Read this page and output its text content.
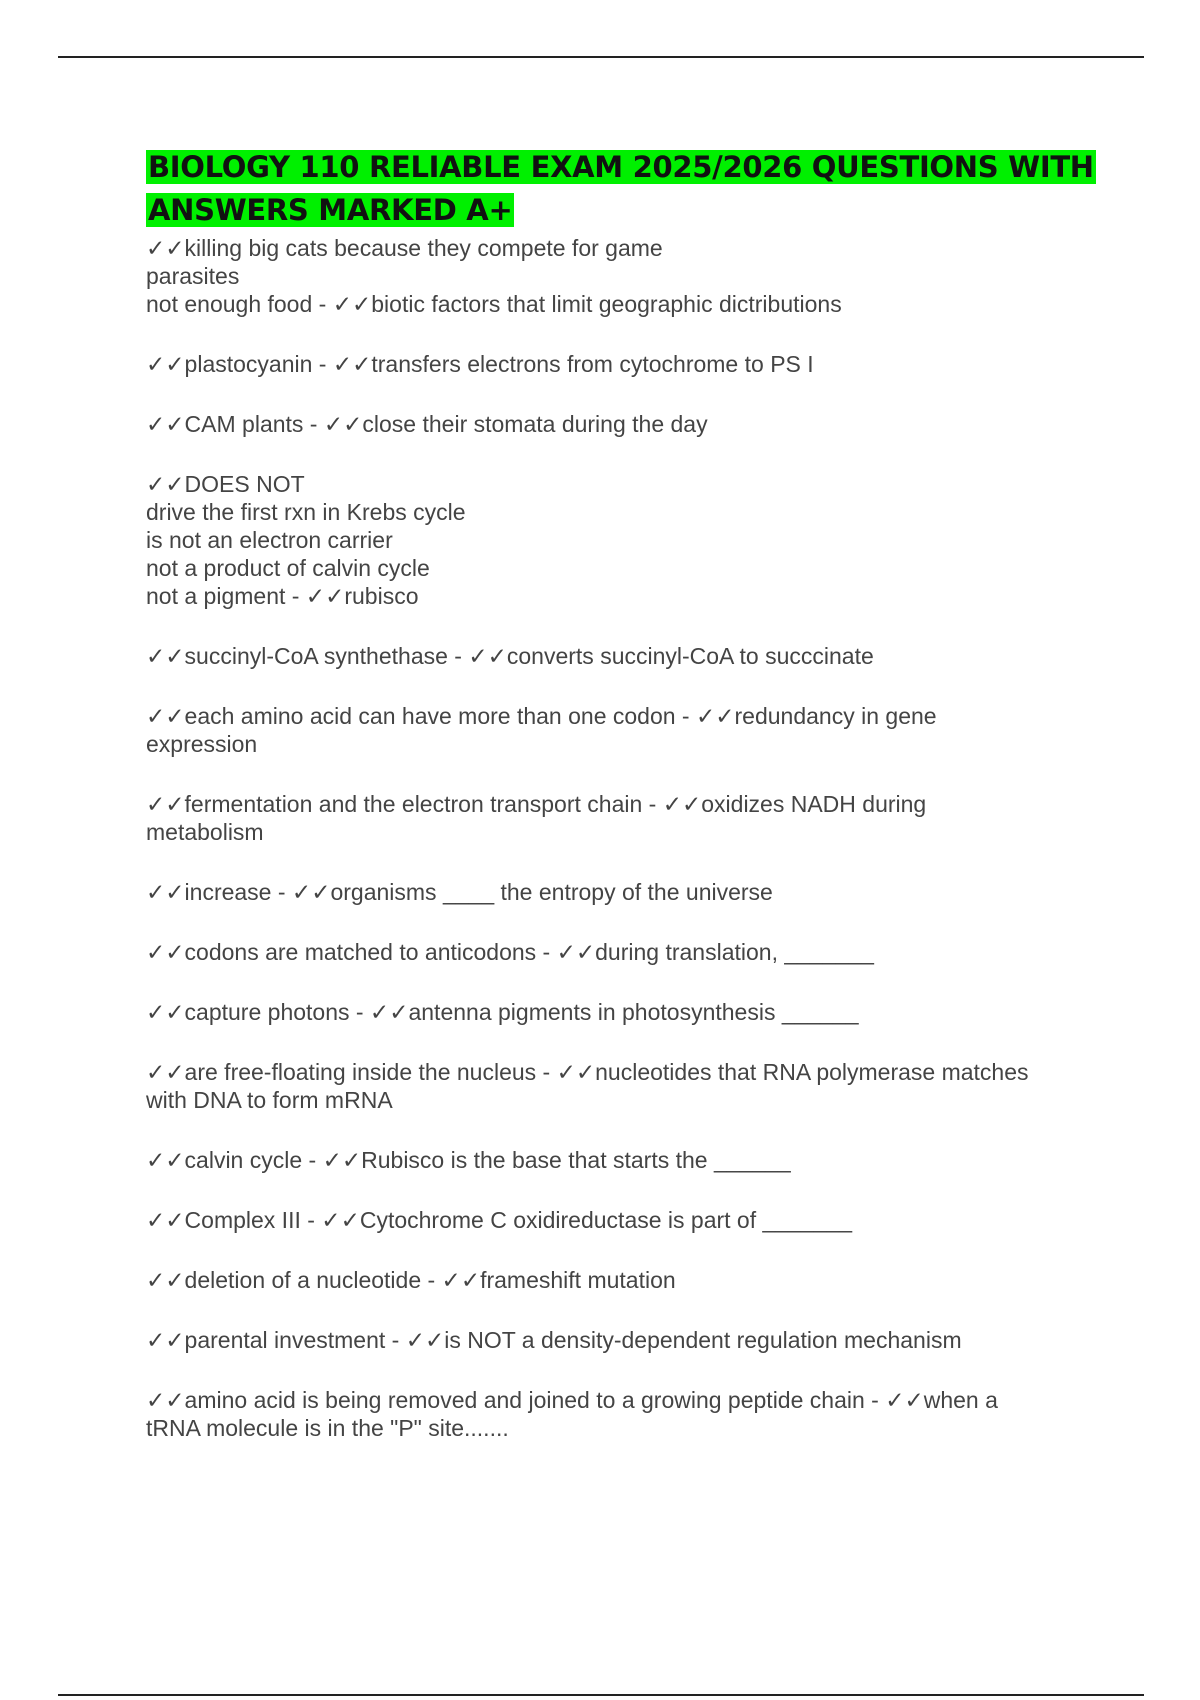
BIOLOGY 110 RELIABLE EXAM 2025/2026 QUESTIONS WITH ANSWERS MARKED A+
✓✓killing big cats because they compete for game
parasites
not enough food - ✓✓biotic factors that limit geographic dictributions
✓✓plastocyanin - ✓✓transfers electrons from cytochrome to PS I
✓✓CAM plants - ✓✓close their stomata during the day
✓✓DOES NOT
drive the first rxn in Krebs cycle
is not an electron carrier
not a product of calvin cycle
not a pigment - ✓✓rubisco
✓✓succinyl-CoA synthethase - ✓✓converts succinyl-CoA to succcinate
✓✓each amino acid can have more than one codon - ✓✓redundancy in gene
expression
✓✓fermentation and the electron transport chain - ✓✓oxidizes NADH during
metabolism
✓✓increase - ✓✓organisms ____ the entropy of the universe
✓✓codons are matched to anticodons - ✓✓during translation, _______
✓✓capture photons - ✓✓antenna pigments in photosynthesis ______
✓✓are free-floating inside the nucleus - ✓✓nucleotides that RNA polymerase matches
with DNA to form mRNA
✓✓calvin cycle - ✓✓Rubisco is the base that starts the ______
✓✓Complex III - ✓✓Cytochrome C oxidireductase is part of _______
✓✓deletion of a nucleotide - ✓✓frameshift mutation
✓✓parental investment - ✓✓is NOT a density-dependent regulation mechanism
✓✓amino acid is being removed and joined to a growing peptide chain - ✓✓when a
tRNA molecule is in the "P" site.......
